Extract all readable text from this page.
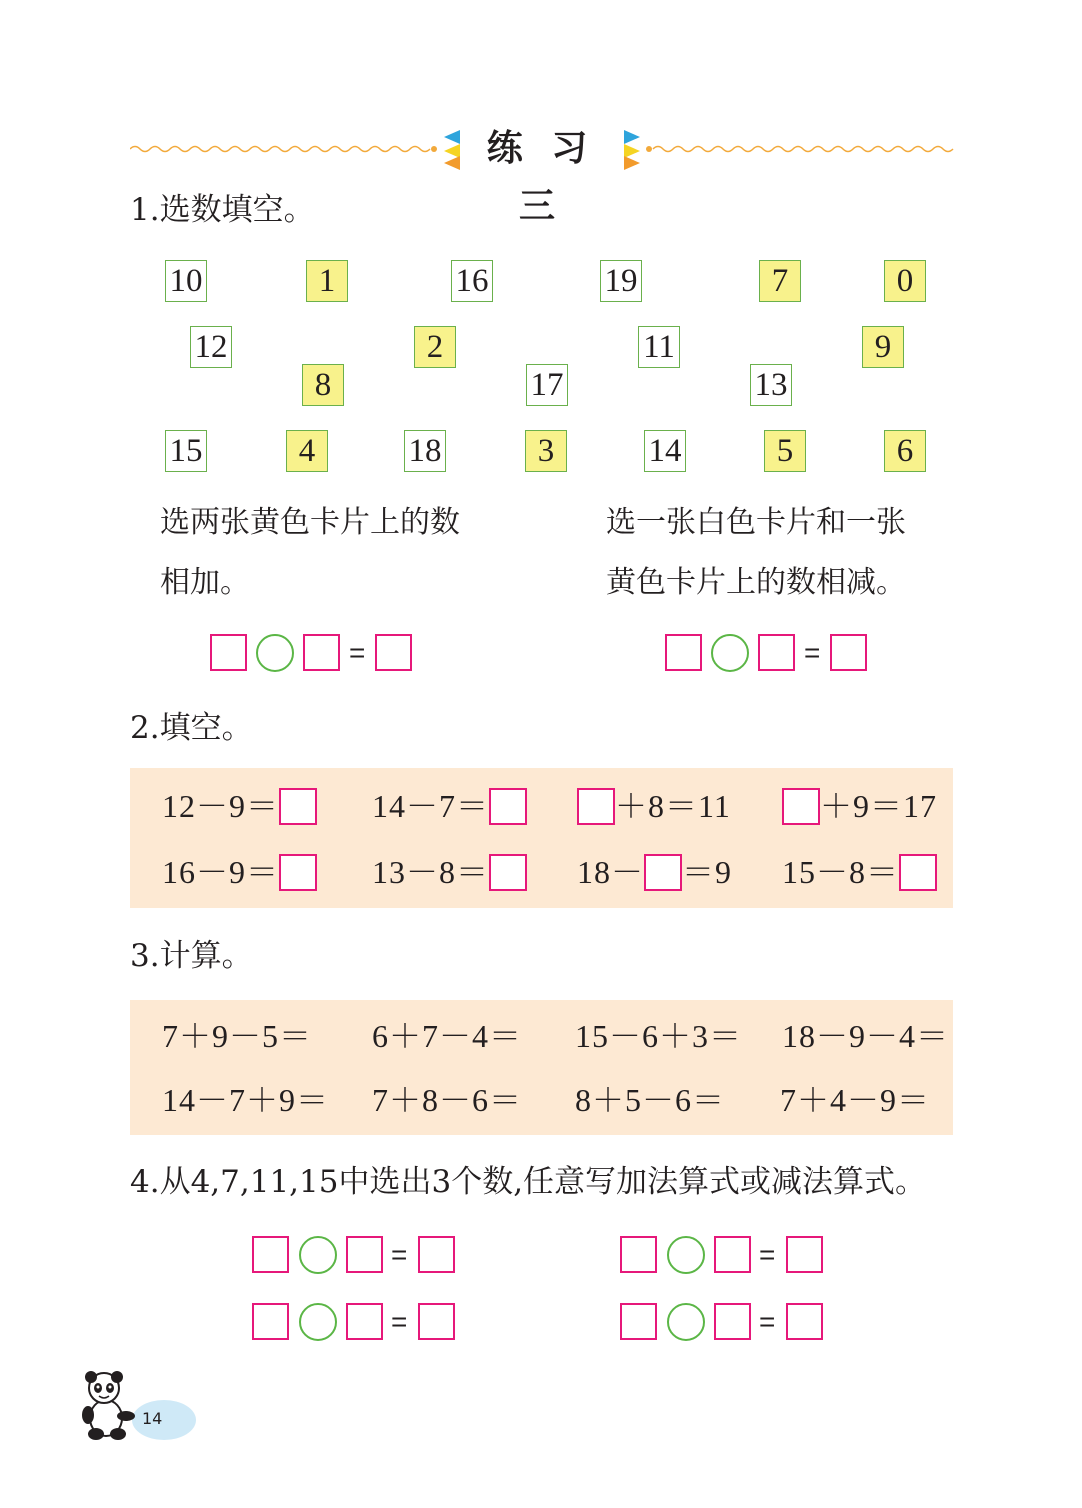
练 习 三
1.选数填空。
10	1	16	19	7	0
12	2	11	9
8	17	13
15	4	18	3	14	5	6
选两张黄色卡片上的数
相加。
选一张白色卡片和一张
黄色卡片上的数相减。
=	=
2.填空。
12－9＝	14－7＝	＋8＝11	＋9＝17
16－9＝	13－8＝	18－ ＝9 15－8＝
3.计算。
7＋9－5＝ 6＋7－4＝ 15－6＋3＝ 18－9－4＝
14－7＋9＝ 7＋8－6＝ 8＋5－6＝ 7＋4－9＝
4.从4,7,11,15中选出3个数,任意写加法算式或减法算式。
=	=
=	=
14
